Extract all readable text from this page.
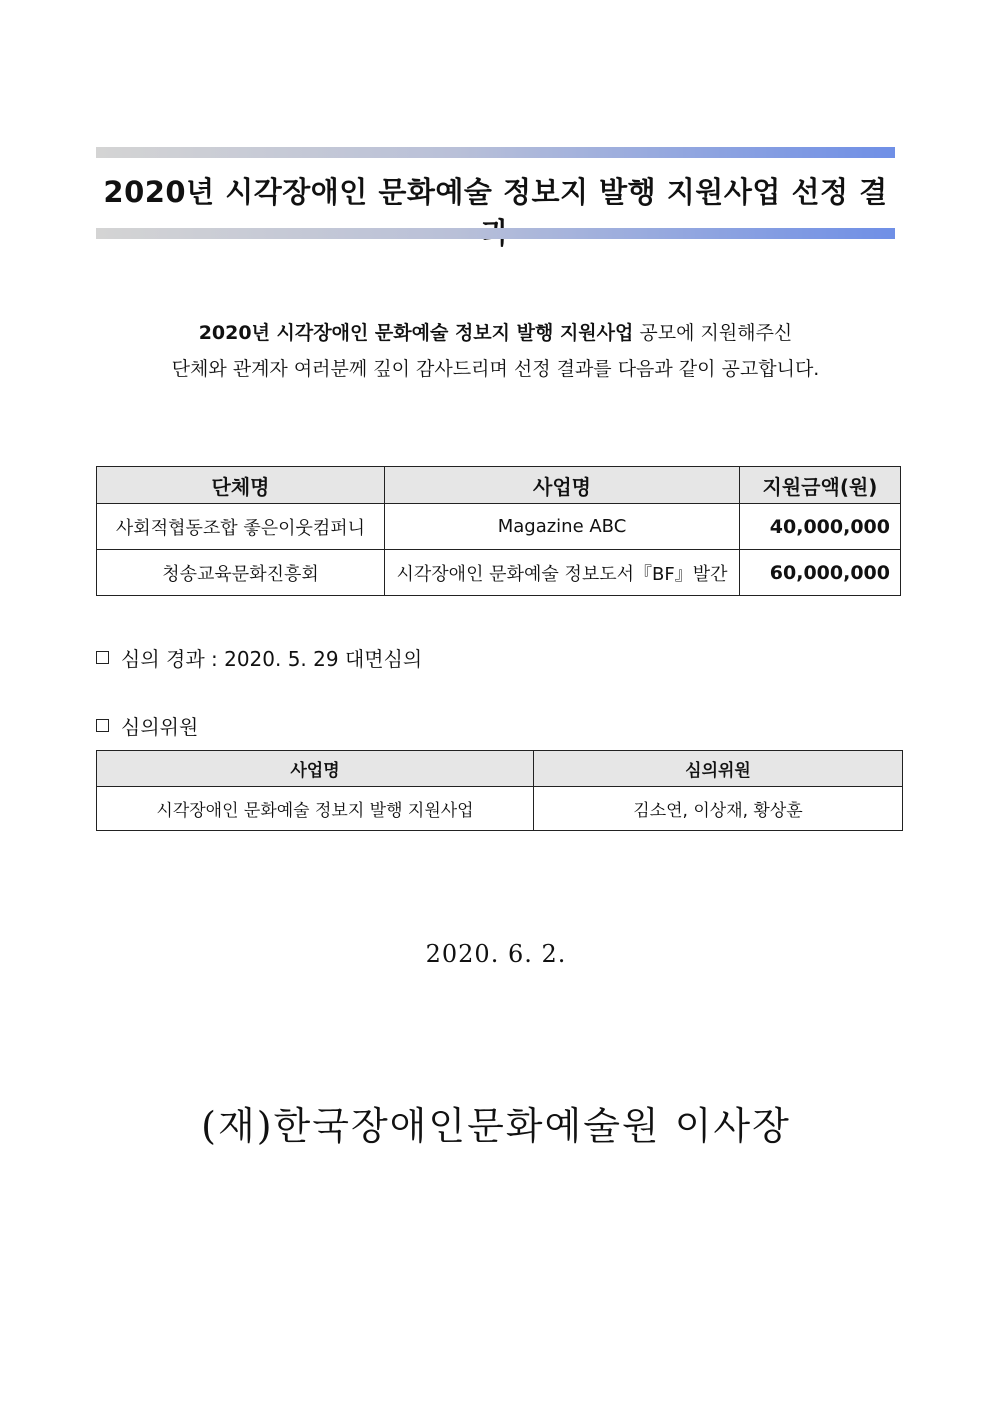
2020년 시각장애인 문화예술 정보지 발행 지원사업 선정 결
2020년 시각장애인 문화예술 정보지 발행 지원사업 공모에 지원해주신
단체와 관계자 여러분께 깊이 감사드리며 선정 결과를 다음과 같이 공고합니다.
단체명	사업명	지원금액(원)
사회적협동조합 좋은이웃컴퍼니	Magazine ABC	40,000,000
청송교육문화진흥회	시각장애인 문화예술 정보도서『BF』발간	60,000,000
심의 경과 : 2020. 5. 29 대면심의
심의위원
사업명	심의위원
시각장애인 문화예술 정보지 발행 지원사업	김소연, 이상재, 황상훈

2020. 6. 2.

(재)한국장애인문화예술원 이사장
